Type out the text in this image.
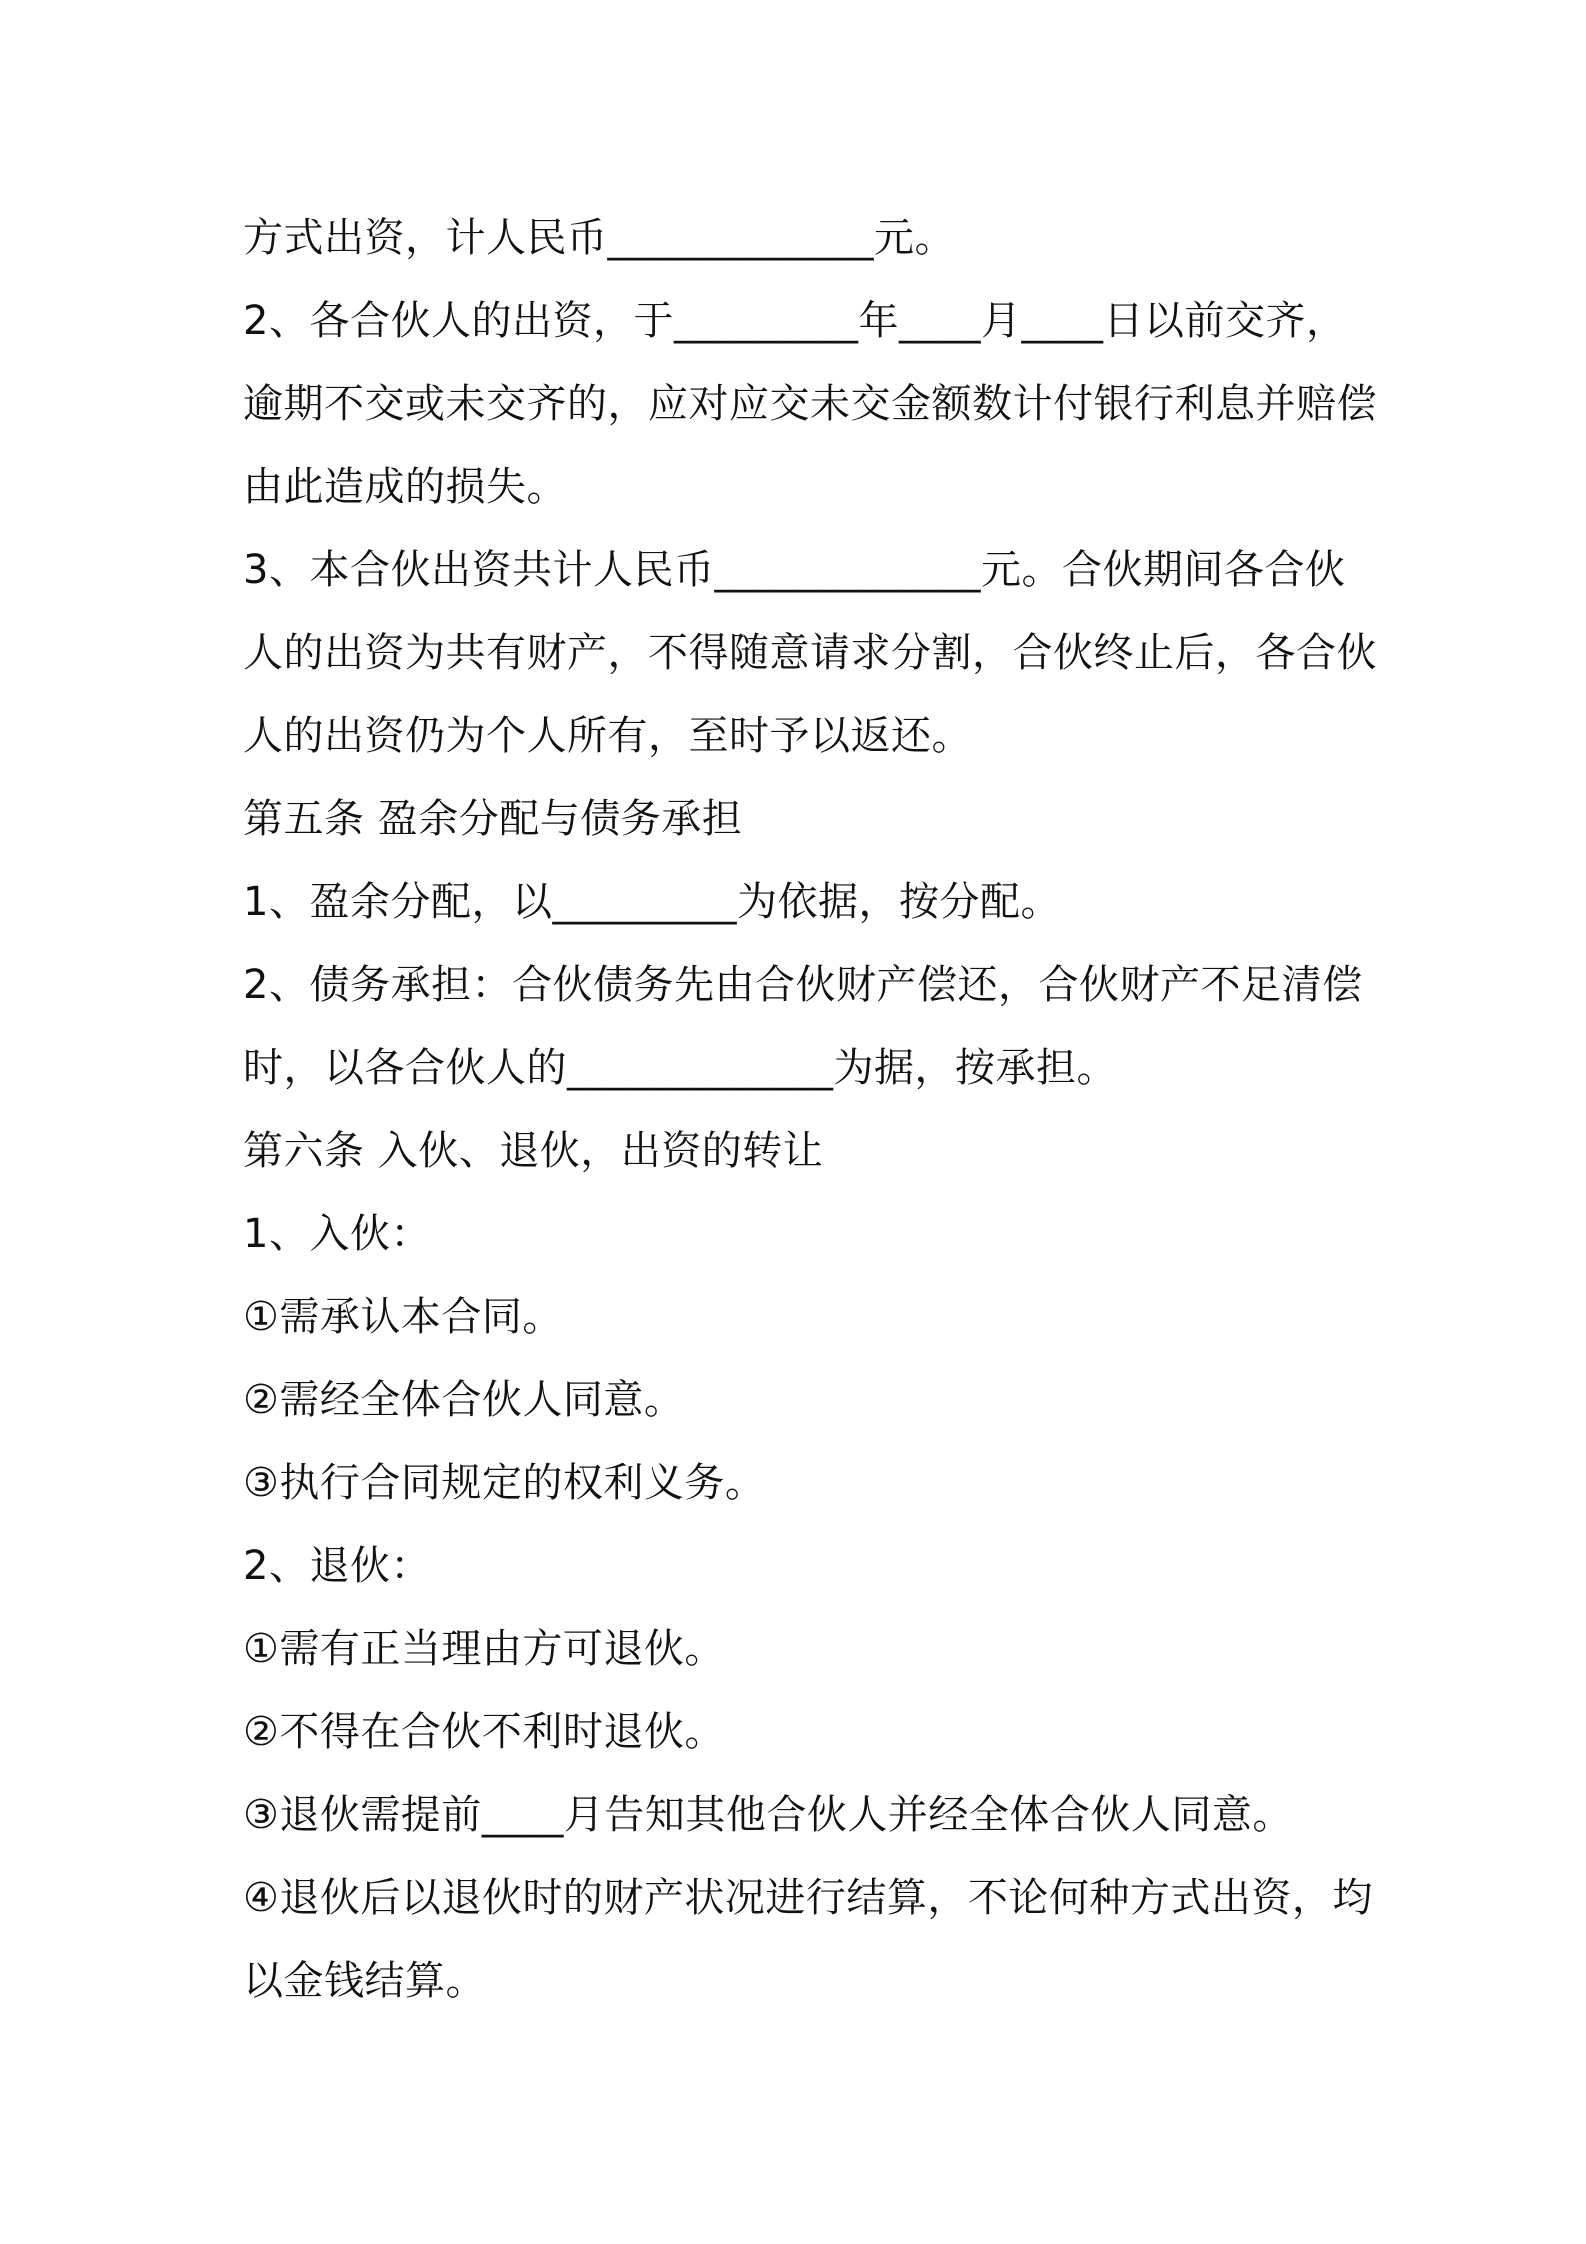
方式出资，计人民币_____________元。
2、各合伙人的出资，于_________年____月____日以前交齐，
逾期不交或未交齐的，应对应交未交金额数计付银行利息并赔偿
由此造成的损失。
3、本合伙出资共计人民币_____________元。合伙期间各合伙
人的出资为共有财产，不得随意请求分割，合伙终止后，各合伙
人的出资仍为个人所有，至时予以返还。
第五条 盈余分配与债务承担
1、盈余分配，以_________为依据，按分配。
2、债务承担：合伙债务先由合伙财产偿还，合伙财产不足清偿
时，以各合伙人的_____________为据，按承担。
第六条 入伙、退伙，出资的转让
1、入伙：
①需承认本合同。
②需经全体合伙人同意。
③执行合同规定的权利义务。
2、退伙：
①需有正当理由方可退伙。
②不得在合伙不利时退伙。
③退伙需提前____月告知其他合伙人并经全体合伙人同意。
④退伙后以退伙时的财产状况进行结算，不论何种方式出资，均
以金钱结算。
